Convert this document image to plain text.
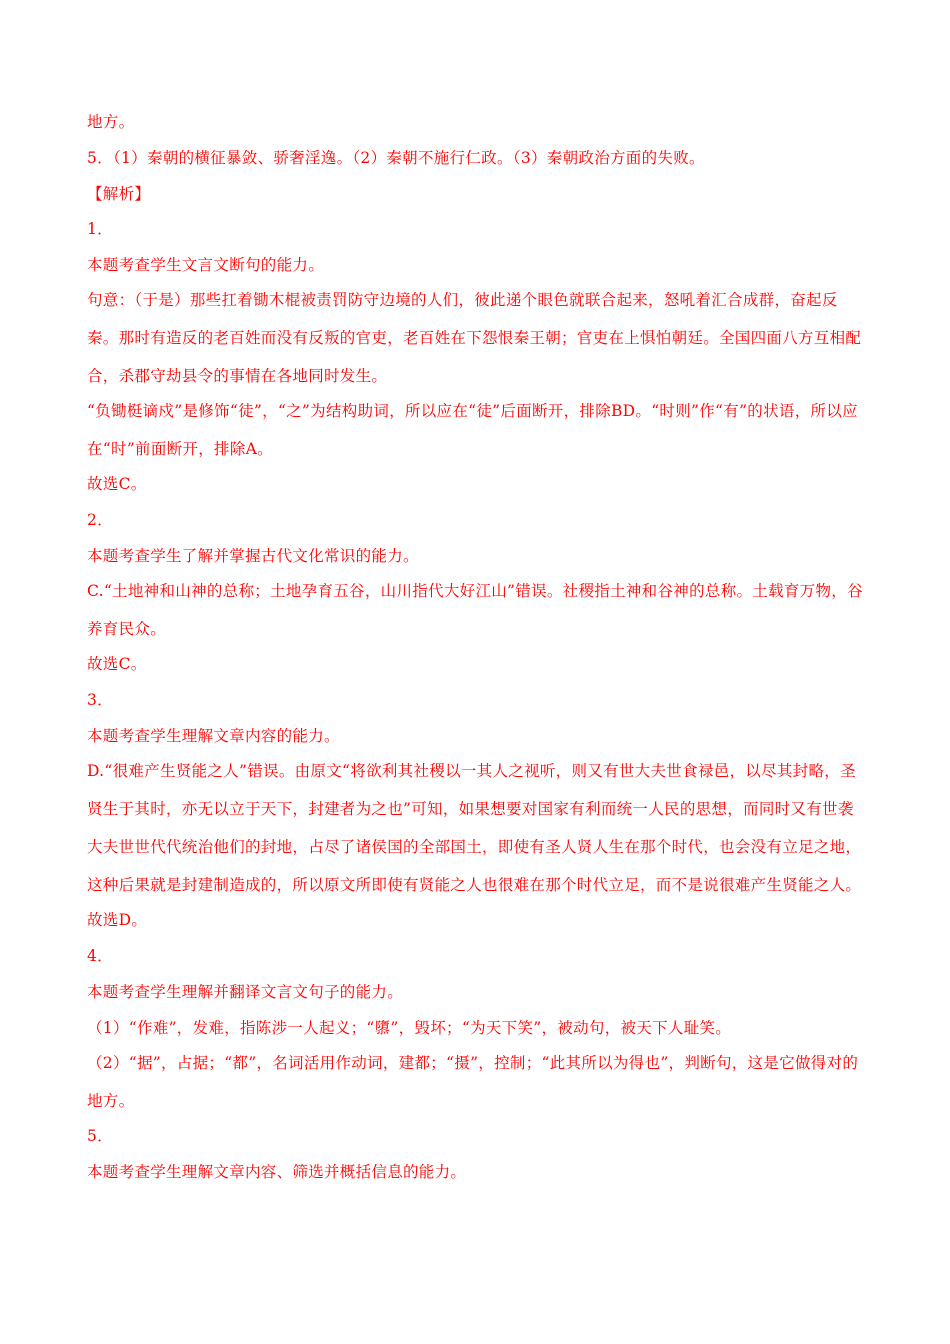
地方。
5．（1）秦朝的横征暴敛、骄奢淫逸。（2）秦朝不施行仁政。（3）秦朝政治方面的失败。
【解析】
1．
本题考查学生文言文断句的能力。
句意：（于是）那些扛着锄木棍被责罚防守边境的人们，彼此递个眼色就联合起来，怒吼着汇合成群，奋起反秦。那时有造反的老百姓而没有反叛的官吏，老百姓在下怨恨秦王朝；官吏在上惧怕朝廷。全国四面八方互相配合，杀郡守劫县令的事情在各地同时发生。
“负锄梃谪戍”是修饰“徒”，“之”为结构助词，所以应在“徒”后面断开，排除BD。“时则”作“有”的状语，所以应在“时”前面断开，排除A。
故选C。
2．
本题考查学生了解并掌握古代文化常识的能力。
C.“土地神和山神的总称；土地孕育五谷，山川指代大好江山”错误。社稷指土神和谷神的总称。土载育万物，谷养育民众。
故选C。
3．
本题考查学生理解文章内容的能力。
D.“很难产生贤能之人”错误。由原文“将欲利其社稷以一其人之视听，则又有世大夫世食禄邑，以尽其封略，圣贤生于其时，亦无以立于天下，封建者为之也”可知，如果想要对国家有利而统一人民的思想，而同时又有世袭大夫世世代代统治他们的封地，占尽了诸侯国的全部国土，即使有圣人贤人生在那个时代，也会没有立足之地，这种后果就是封建制造成的，所以原文所即使有贤能之人也很难在那个时代立足，而不是说很难产生贤能之人。
故选D。
4．
本题考查学生理解并翻译文言文句子的能力。
（1）“作难”，发难，指陈涉一人起义；“隳”，毁坏；“为天下笑”，被动句，被天下人耻笑。
（2）“据”，占据；“都”，名词活用作动词，建都；“摄”，控制；“此其所以为得也”，判断句，这是它做得对的地方。
5．
本题考查学生理解文章内容、筛选并概括信息的能力。
